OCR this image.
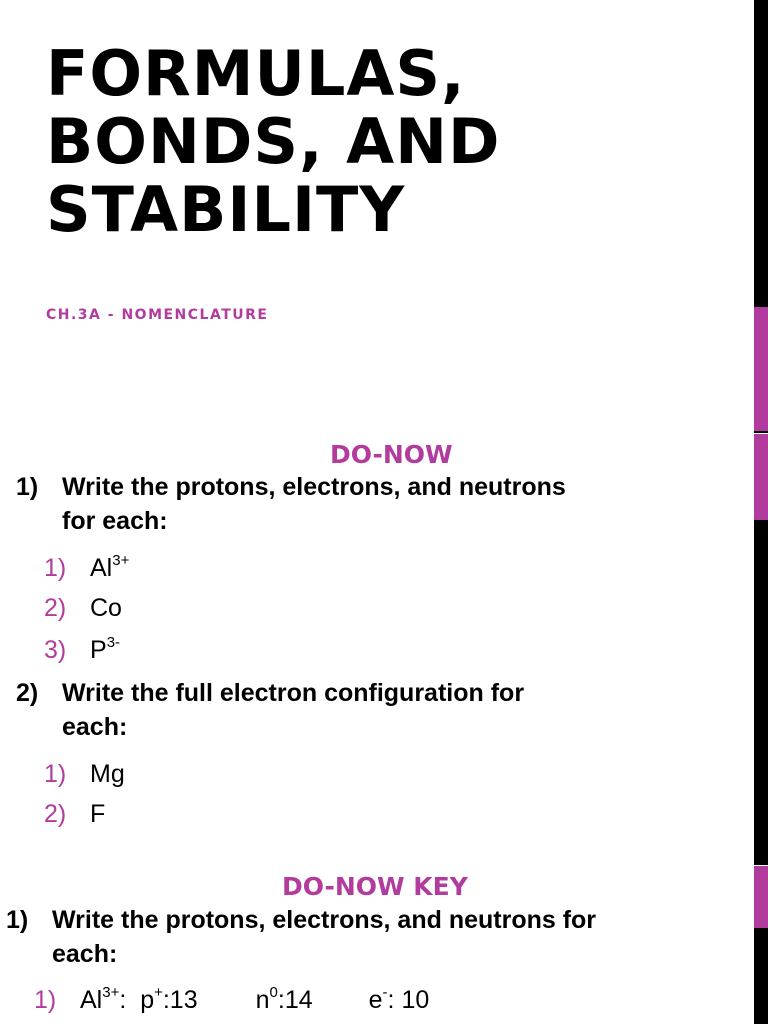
FORMULAS,
BONDS, AND
STABILITY
CH.3A - NOMENCLATURE
DO-NOW
1) Write the protons, electrons, and neutrons
for each:
1) $Al^{3+}$
2) Co
3) $P^{3-}$
2) Write the full electron configuration for
each:
1) Mg
2) F
DO-NOW KEY
1) Write the protons, electrons, and neutrons for
each:
1) $Al^{3+}$:  p+:13 $n^0:14$ e-: 10
